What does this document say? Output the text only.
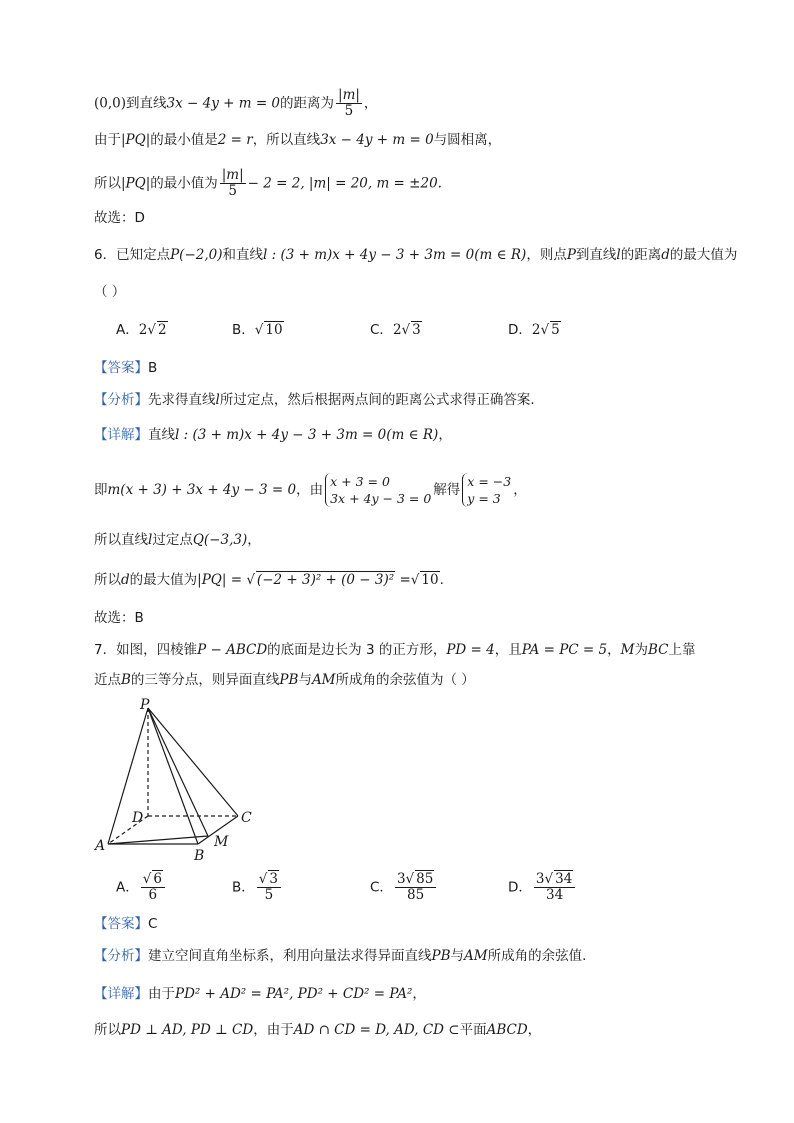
(0,0)到直线3x − 4y + m = 0的距离为 $\frac{|m|}{5}$ ，
由于|PQ|的最小值是2 = r，所以直线3x − 4y + m = 0与圆相离，
所以|PQ|的最小值为 $\frac{|m|}{5} - 2 = 2$, |m| = 20, m = ±20.
故选：D
6．已知定点P(−2,0)和直线l : (3 + m)x + 4y − 3 + 3m = 0(m ∈ R)，则点P到直线l的距离d的最大值为
（ ）
A．2√ 2	B．√ 10	C．2√ 3	D．2√ 5
【答案】B
【分析】先求得直线l所过定点，然后根据两点间的距离公式求得正确答案.
【详解】直线l : (3 + m)x + 4y − 3 + 3m = 0(m ∈ R)，
即m(x + 3) + 3x + 4y − 3 = 0，由
x + 3 = 0
3x + 4y − 3 = 0
解得
x = −3
y = 3
，
所以直线l过定点Q(−3,3)，
所以d的最大值为|PQ| = √ (−2 + 3)² + (0 − 3)² =√ 10.
故选：B
7．如图，四棱锥P − ABCD的底面是边长为 3 的正方形，PD = 4，且PA = PC = 5，M为BC上靠
近点B的三等分点，则异面直线PB与AM所成角的余弦值为（ ）
P
D	C
A
B
M
A． $\frac{√ 6}{6}$	B． $\frac{√ 3}{5}$	C． $\frac{3√ 85}{85}$	D． $\frac{3√ 34}{34}$
【答案】C
【分析】建立空间直角坐标系，利用向量法求得异面直线PB与AM所成角的余弦值.
【详解】由于PD² + AD² = PA², PD² + CD² = PA²，
所以PD ⊥ AD, PD ⊥ CD，由于AD ∩ CD = D, AD, CD ⊂平面ABCD，
